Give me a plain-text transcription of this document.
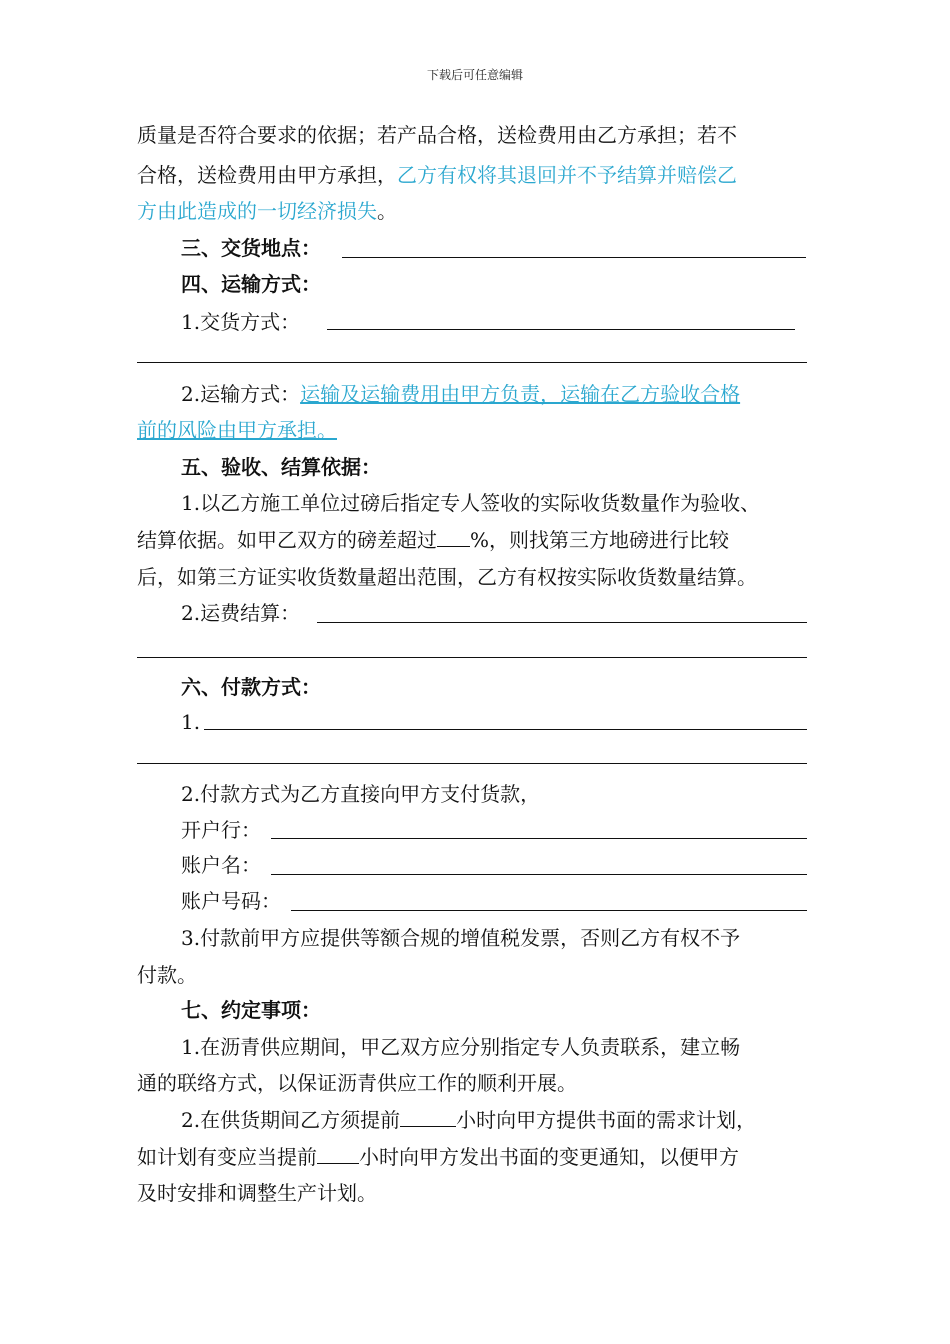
下载后可任意编辑
质量是否符合要求的依据；若产品合格，送检费用由乙方承担；若不
合格，送检费用由甲方承担，乙方有权将其退回并不予结算并赔偿乙
方由此造成的一切经济损失。
三、交货地点：
四、运输方式：
1.交货方式：
2.运输方式：运输及运输费用由甲方负责，运输在乙方验收合格
前的风险由甲方承担。
五、验收、结算依据：
1.以乙方施工单位过磅后指定专人签收的实际收货数量作为验收、
结算依据。如甲乙双方的磅差超过 %，则找第三方地磅进行比较
后，如第三方证实收货数量超出范围，乙方有权按实际收货数量结算。
2.运费结算：
六、付款方式：
1.
2.付款方式为乙方直接向甲方支付货款，
开户行：
账户名：
账户号码：
3.付款前甲方应提供等额合规的增值税发票，否则乙方有权不予
付款。
七、约定事项：
1.在沥青供应期间，甲乙双方应分别指定专人负责联系，建立畅
通的联络方式，以保证沥青供应工作的顺利开展。
2.在供货期间乙方须提前	小时向甲方提供书面的需求计划，
如计划有变应当提前 小时向甲方发出书面的变更通知，以便甲方
及时安排和调整生产计划。
